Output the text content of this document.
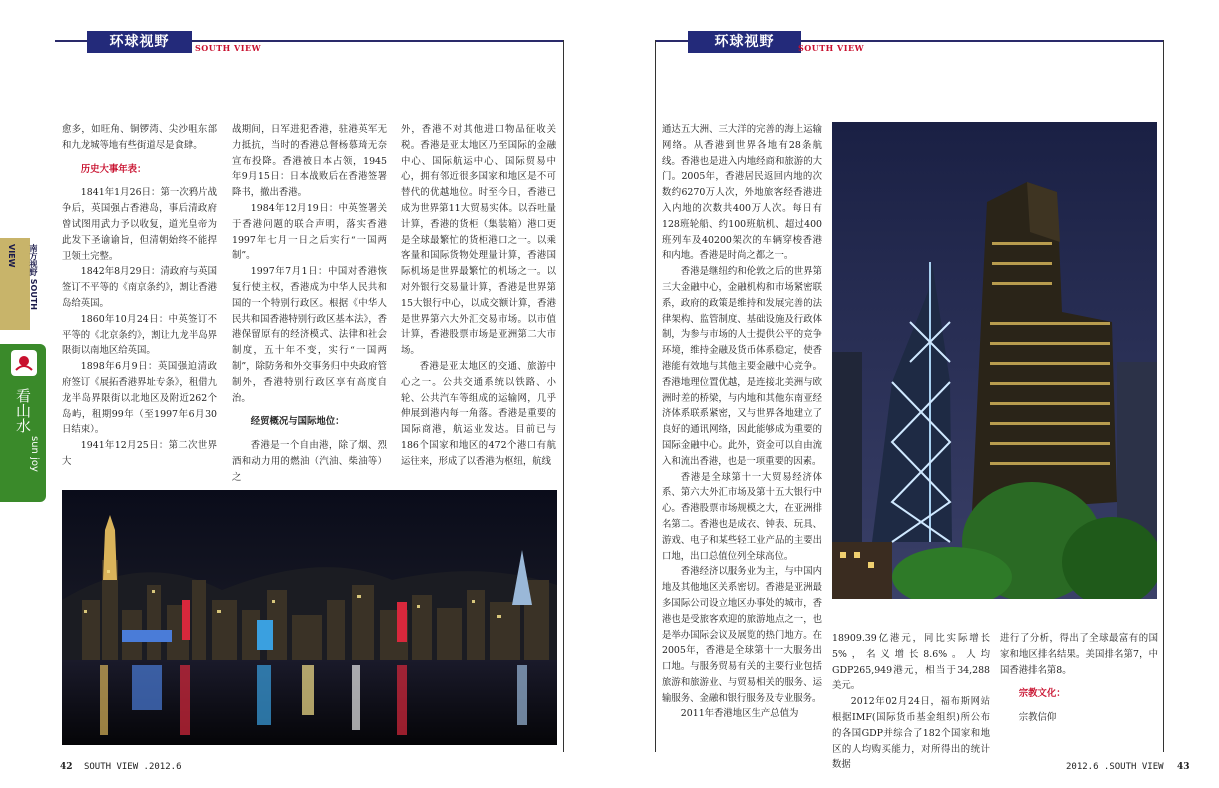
环球视野	SOUTH VIEW
南方视野 SOUTH VIEW
看山水
sun joy

愈多，如旺角、铜锣湾、尖沙咀东部和九龙城等地有些街道尽是食肆。

历史大事年表：

1841年1月26日：第一次鸦片战争后，英国强占香港岛，事后清政府曾试图用武力予以收复，道光皇帝为此发下圣谕谕旨，但清朝始终不能捍卫领土完整。

1842年8月29日：清政府与英国签订不平等的《南京条约》，割让香港岛给英国。

1860年10月24日：中英签订不平等的《北京条约》，割让九龙半岛界限街以南地区给英国。

1898年6月9日：英国强迫清政府签订《展拓香港界址专条》，租借九龙半岛界限街以北地区及附近262个岛屿，租期99年（至1997年6月30日结束）。

1941年12月25日：第二次世界大

战期间，日军进犯香港，驻港英军无力抵抗，当时的香港总督杨慕琦无奈宣布投降。香港被日本占领，1945年9月15日：日本战败后在香港签署降书，撤出香港。

1984年12月19日：中英签署关于香港问题的联合声明，落实香港1997年七月一日之后实行“一国两制”。

1997年7月1日：中国对香港恢复行使主权，香港成为中华人民共和国的一个特别行政区。根据《中华人民共和国香港特别行政区基本法》，香港保留原有的经济模式、法律和社会制度，五十年不变，实行“一国两制”，除防务和外交事务归中央政府管制外，香港特别行政区享有高度自治。

经贸概况与国际地位：

香港是一个自由港，除了烟、烈酒和动力用的燃油（汽油、柴油等）之

外，香港不对其他进口物品征收关税。香港是亚太地区乃至国际的金融中心、国际航运中心、国际贸易中心，拥有邻近很多国家和地区是不可替代的优越地位。时至今日，香港已成为世界第11大贸易实体。以吞吐量计算，香港的货柜（集装箱）港口更是全球最繁忙的货柜港口之一。以乘客量和国际货物处理量计算，香港国际机场是世界最繁忙的机场之一。以对外银行交易量计算，香港是世界第15大银行中心，以成交额计算，香港是世界第六大外汇交易市场。以市值计算，香港股票市场是亚洲第二大市场。

香港是亚太地区的交通、旅游中心之一。公共交通系统以铁路、小轮、公共汽车等组成的运输网，几乎伸展到港内每一角落。香港是重要的国际商港，航运业发达。目前已与186个国家和地区的472个港口有航运往来，形成了以香港为枢纽，航线

42 SOUTH VIEW .2012.6
环球视野	SOUTH VIEW

通达五大洲、三大洋的完善的海上运输网络。从香港到世界各地有28条航线。香港也是进入内地经商和旅游的大门。2005年，香港居民返回内地的次数约6270万人次，外地旅客经香港进入内地的次数共400万人次。每日有128班轮船、约100班航机、超过400班列车及40200架次的车辆穿梭香港和内地。香港是时尚之都之一。

香港是继纽约和伦敦之后的世界第三大金融中心，金融机构和市场紧密联系，政府的政策是维持和发展完善的法律架构、监管制度、基础设施及行政体制，为参与市场的人士提供公平的竞争环境，维持金融及货币体系稳定，使香港能有效地与其他主要金融中心竞争。香港地理位置优越，是连接北美洲与欧洲时差的桥梁，与内地和其他东南亚经济体系联系紧密，又与世界各地建立了良好的通讯网络，因此能够成为重要的国际金融中心。此外，资金可以自由流入和流出香港，也是一项重要的因素。

香港是全球第十一大贸易经济体系、第六大外汇市场及第十五大银行中心。香港股票市场规模之大，在亚洲排名第二。香港也是成衣、钟表、玩具、游戏、电子和某些轻工业产品的主要出口地，出口总值位列全球高位。

香港经济以服务业为主，与中国内地及其他地区关系密切。香港是亚洲最多国际公司设立地区办事处的城市，香港也是受旅客欢迎的旅游地点之一，也是举办国际会议及展览的热门地方。在2005年，香港是全球第十一大服务出口地。与服务贸易有关的主要行业包括旅游和旅游业、与贸易相关的服务、运输服务、金融和银行服务及专业服务。

2011年香港地区生产总值为

18909.39亿港元，同比实际增长5%，名义增长8.6%。人均GDP265,949港元，相当于34,288美元。

2012年02月24日，福布斯网站根据IMF(国际货币基金组织)所公布的各国GDP并综合了182个国家和地区的人均购买能力，对所得出的统计数据

进行了分析，得出了全球最富有的国家和地区排名结果。美国排名第7，中国香港排名第8。

宗教文化：

宗教信仰

2012.6 .SOUTH VIEW 43
